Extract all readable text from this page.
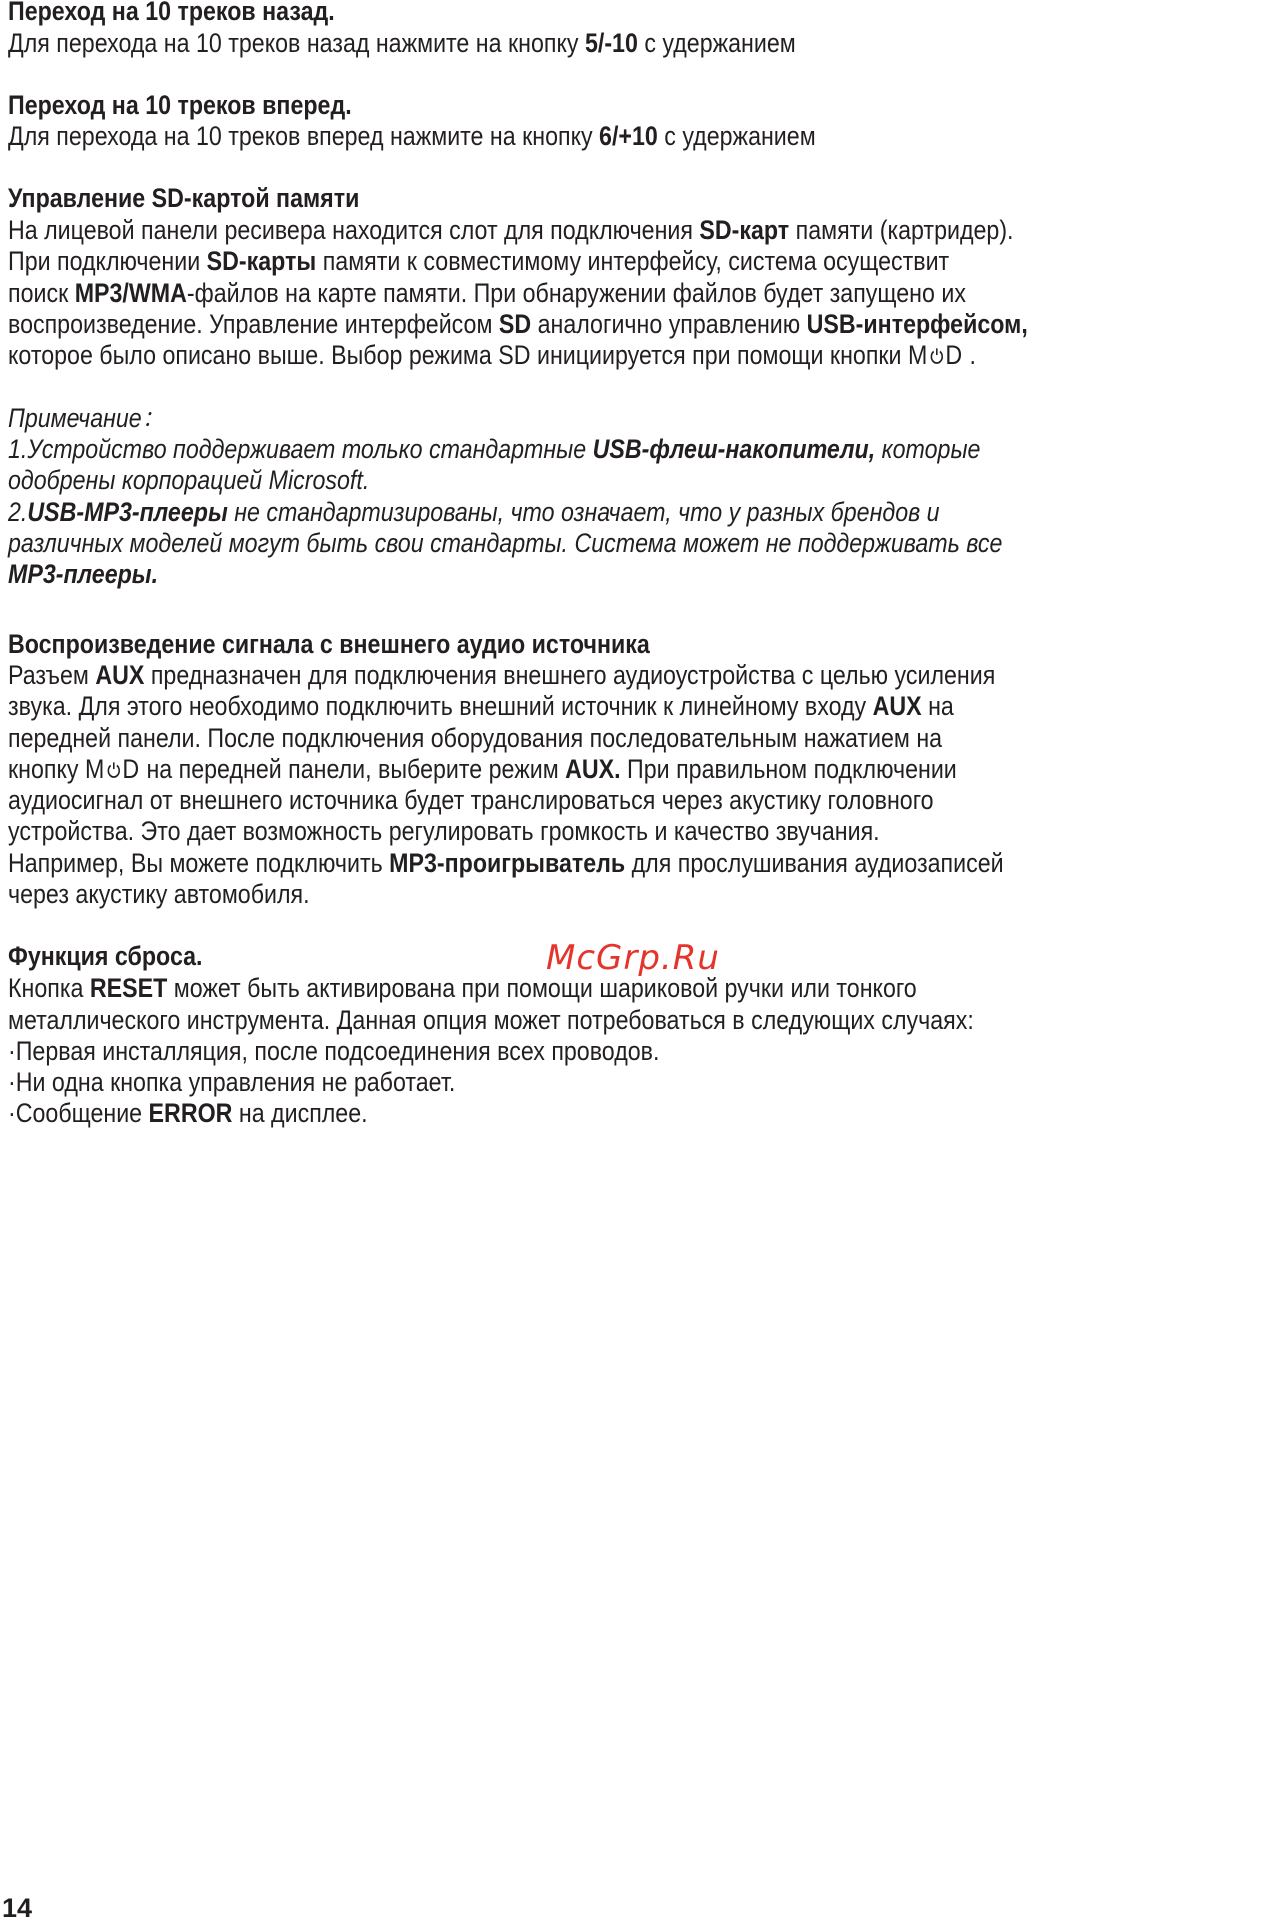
Переход на 10 треков назад.
Для перехода на 10 треков назад нажмите на кнопку 5/-10 с удержанием
Переход на 10 треков вперед.
Для перехода на 10 треков вперед нажмите на кнопку 6/+10 с удержанием
Управление SD-картой памяти
На лицевой панели ресивера находится слот для подключения SD-карт памяти (картридер).
При подключении SD-карты памяти к совместимому интерфейсу, система осуществит
поиск MP3/WMA-файлов на карте памяти. При обнаружении файлов будет запущено их
воспроизведение. Управление интерфейсом SD аналогично управлению USB-интерфейсом,
которое было описано выше. Выбор режима SD инициируется при помощи кнопки M D .
Примечание：
1.Устройство поддерживает только стандартные USB-флеш-накопители, которые
одобрены корпорацией Microsoft.
2.USB-MP3-плееры не стандартизированы, что означает, что у разных брендов и
различных моделей могут быть свои стандарты. Система может не поддерживать все
MP3-плееры.
Воспроизведение сигнала с внешнего аудио источника
Разъем AUX предназначен для подключения внешнего аудиоустройства с целью усиления
звука. Для этого необходимо подключить внешний источник к линейному входу AUX на
передней панели. После подключения оборудования последовательным нажатием на
кнопку M D на передней панели, выберите режим AUX. При правильном подключении
аудиосигнал от внешнего источника будет транслироваться через акустику головного
устройства. Это дает возможность регулировать громкость и качество звучания.
Например, Вы можете подключить MP3-проигрыватель для прослушивания аудиозаписей
через акустику автомобиля.
Функция сброса.
Кнопка RESET может быть активирована при помощи шариковой ручки или тонкого
металлического инструмента. Данная опция может потребоваться в следующих случаях:
·Первая инсталляция, после подсоединения всех проводов.
·Ни одна кнопка управления не работает.
·Сообщение ERROR на дисплее.
McGrp.Ru
14
